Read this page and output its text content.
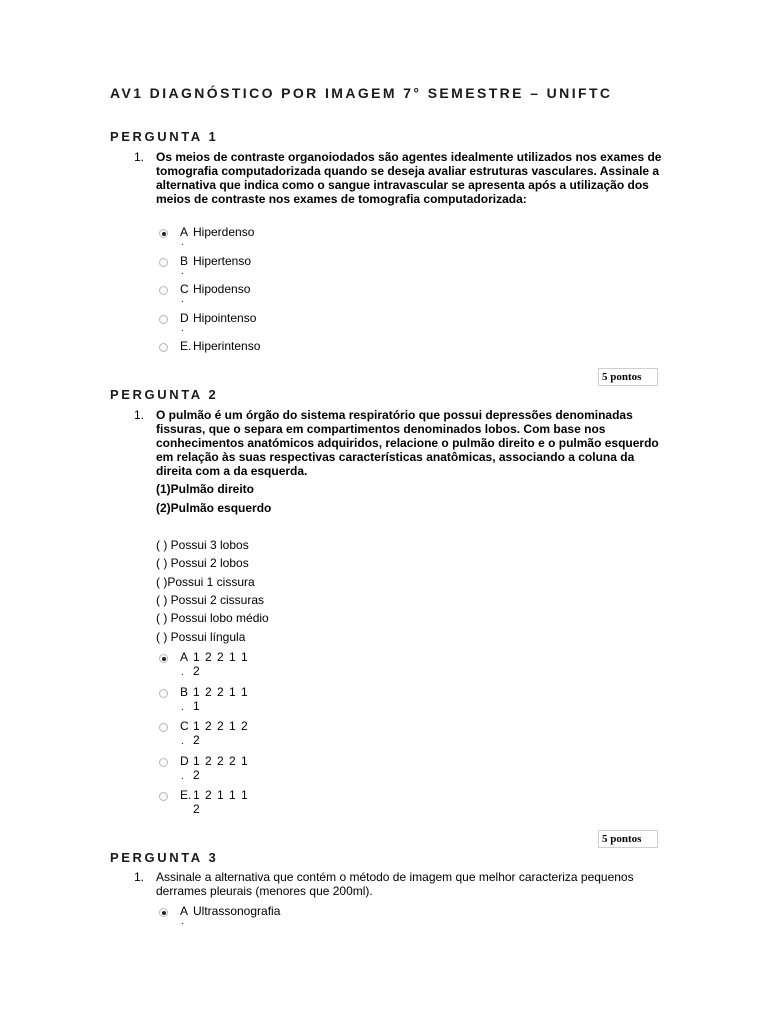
AV1 DIAGNÓSTICO POR IMAGEM 7° SEMESTRE – UNIFTC
PERGUNTA 1
1. Os meios de contraste organoiodados são agentes idealmente utilizados nos exames de tomografia computadorizada quando se deseja avaliar estruturas vasculares. Assinale a alternativa que indica como o sangue intravascular se apresenta após a utilização dos meios de contraste nos exames de tomografia computadorizada:
A
.
Hiperdenso
B
.
Hipertenso
C
.
Hipodenso
D
.
Hipointenso
E. Hiperintenso
5 pontos
PERGUNTA 2
1. O pulmão é um órgão do sistema respiratório que possui depressões denominadas fissuras, que o separa em compartimentos denominados lobos. Com base nos conhecimentos anatómicos adquiridos, relacione o pulmão direito e o pulmão esquerdo em relação às suas respectivas características anatômicas, associando a coluna da direita com a da esquerda.
(1)Pulmão direito
(2)Pulmão esquerdo
( ) Possui 3 lobos
( ) Possui 2 lobos
( )Possui 1 cissura
( ) Possui 2 cissuras
( ) Possui lobo médio
( ) Possui língula
A
.
1 2 2 1 1
2
B
.
1 2 2 1 1
1
C
.
1 2 2 1 2
2
D
.
1 2 2 2 1
2
E. 1 2 1 1 1
2
5 pontos
PERGUNTA 3
1. Assinale a alternativa que contém o método de imagem que melhor caracteriza pequenos derrames pleurais (menores que 200ml).
A
.
Ultrassonografia
